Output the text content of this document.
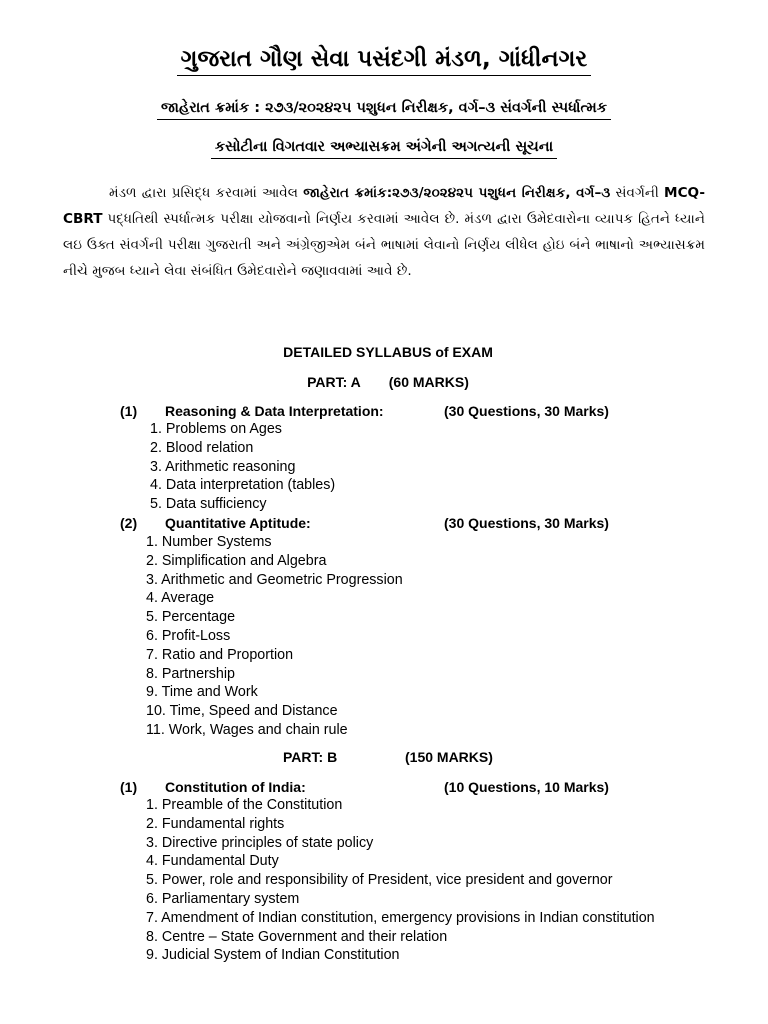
ગુજરાત ગૌણ સેવા પસંદગી મંડળ, ગાંધીનગર
જાહેરાત ક્રમાંક : ૨૭૩/૨૦૨૪૨૫ પશુધન નિરીક્ષક, વર્ગ–૩ સંવર્ગની સ્પર્ધાત્મક
કસોટીના વિગતવાર અભ્યાસક્રમ અંગેની અગત્યની સૂચના
મંડળ દ્વારા પ્રસિદ્ધ કરવામાં આવેલ જાહેરાત ક્રમાંક:૨૭૩/૨૦૨૪૨૫ પશુધન નિરીક્ષક, વર્ગ–૩ સંવર્ગની MCQ-CBRT પદ્ધતિથી સ્પર્ધાત્મક પરીક્ષા યોજવાનો નિર્ણય કરવામાં આવેલ છે. મંડળ દ્વારા ઉમેદવારોના વ્યાપક હિતને ધ્યાને લઇ ઉક્ત સંવર્ગની પરીક્ષા ગુજરાતી અને અંગ્રેજીએમ બંને ભાષામાં લેવાનો નિર્ણય લીધેલ હોઇ બંને ભાષાનો અભ્યાસક્રમ નીચે મુજબ ધ્યાને લેવા સંબંધિત ઉમેદવારોને જણાવવામાં આવે છે.
DETAILED SYLLABUS of EXAM
PART: A (60 MARKS)
(1) Reasoning & Data Interpretation:	(30 Questions, 30 Marks)
1. Problems on Ages
2. Blood relation
3. Arithmetic reasoning
4. Data interpretation (tables)
5. Data sufficiency
(2) Quantitative Aptitude:	(30 Questions, 30 Marks)
1. Number Systems
2. Simplification and Algebra
3. Arithmetic and Geometric Progression
4. Average
5. Percentage
6. Profit-Loss
7. Ratio and Proportion
8. Partnership
9. Time and Work
10. Time, Speed and Distance
11. Work, Wages and chain rule
PART: B	(150 MARKS)
(1) Constitution of India:	(10 Questions, 10 Marks)
1. Preamble of the Constitution
2. Fundamental rights
3. Directive principles of state policy
4. Fundamental Duty
5. Power, role and responsibility of President, vice president and governor
6. Parliamentary system
7. Amendment of Indian constitution, emergency provisions in Indian constitution
8. Centre – State Government and their relation
9. Judicial System of Indian Constitution
